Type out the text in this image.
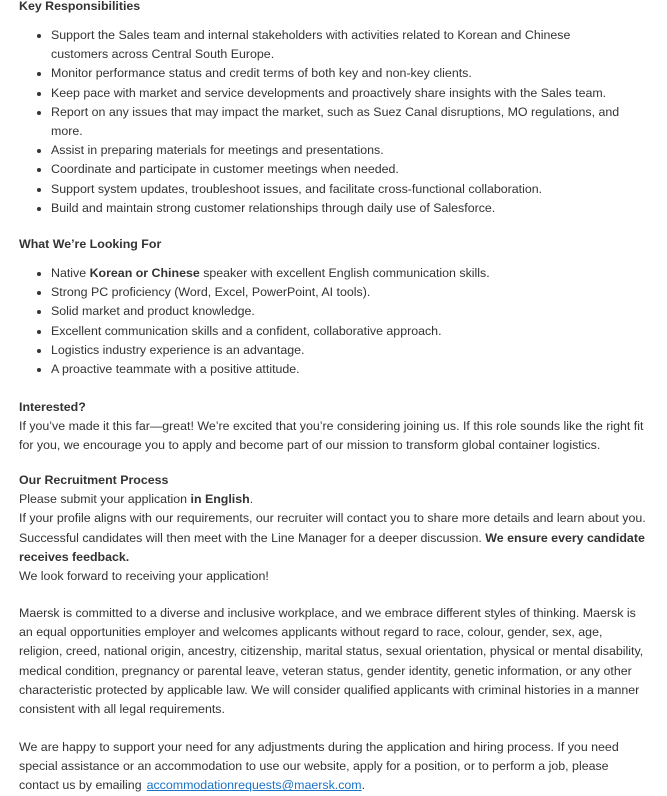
Key Responsibilities
Support the Sales team and internal stakeholders with activities related to Korean and Chinese customers across Central South Europe.
Monitor performance status and credit terms of both key and non-key clients.
Keep pace with market and service developments and proactively share insights with the Sales team.
Report on any issues that may impact the market, such as Suez Canal disruptions, MO regulations, and more.
Assist in preparing materials for meetings and presentations.
Coordinate and participate in customer meetings when needed.
Support system updates, troubleshoot issues, and facilitate cross-functional collaboration.
Build and maintain strong customer relationships through daily use of Salesforce.
What We’re Looking For
Native Korean or Chinese speaker with excellent English communication skills.
Strong PC proficiency (Word, Excel, PowerPoint, AI tools).
Solid market and product knowledge.
Excellent communication skills and a confident, collaborative approach.
Logistics industry experience is an advantage.
A proactive teammate with a positive attitude.
Interested?

If you’ve made it this far—great! We’re excited that you’re considering joining us. If this role sounds like the right fit for you, we encourage you to apply and become part of our mission to transform global container logistics.

Our Recruitment Process

Please submit your application in English.

If your profile aligns with our requirements, our recruiter will contact you to share more details and learn about you. Successful candidates will then meet with the Line Manager for a deeper discussion. We ensure every candidate receives feedback.

We look forward to receiving your application!

Maersk is committed to a diverse and inclusive workplace, and we embrace different styles of thinking. Maersk is an equal opportunities employer and welcomes applicants without regard to race, colour, gender, sex, age, religion, creed, national origin, ancestry, citizenship, marital status, sexual orientation, physical or mental disability, medical condition, pregnancy or parental leave, veteran status, gender identity, genetic information, or any other characteristic protected by applicable law. We will consider qualified applicants with criminal histories in a manner consistent with all legal requirements.

We are happy to support your need for any adjustments during the application and hiring process. If you need special assistance or an accommodation to use our website, apply for a position, or to perform a job, please contact us by emailing accommodationrequests@maersk.com.
